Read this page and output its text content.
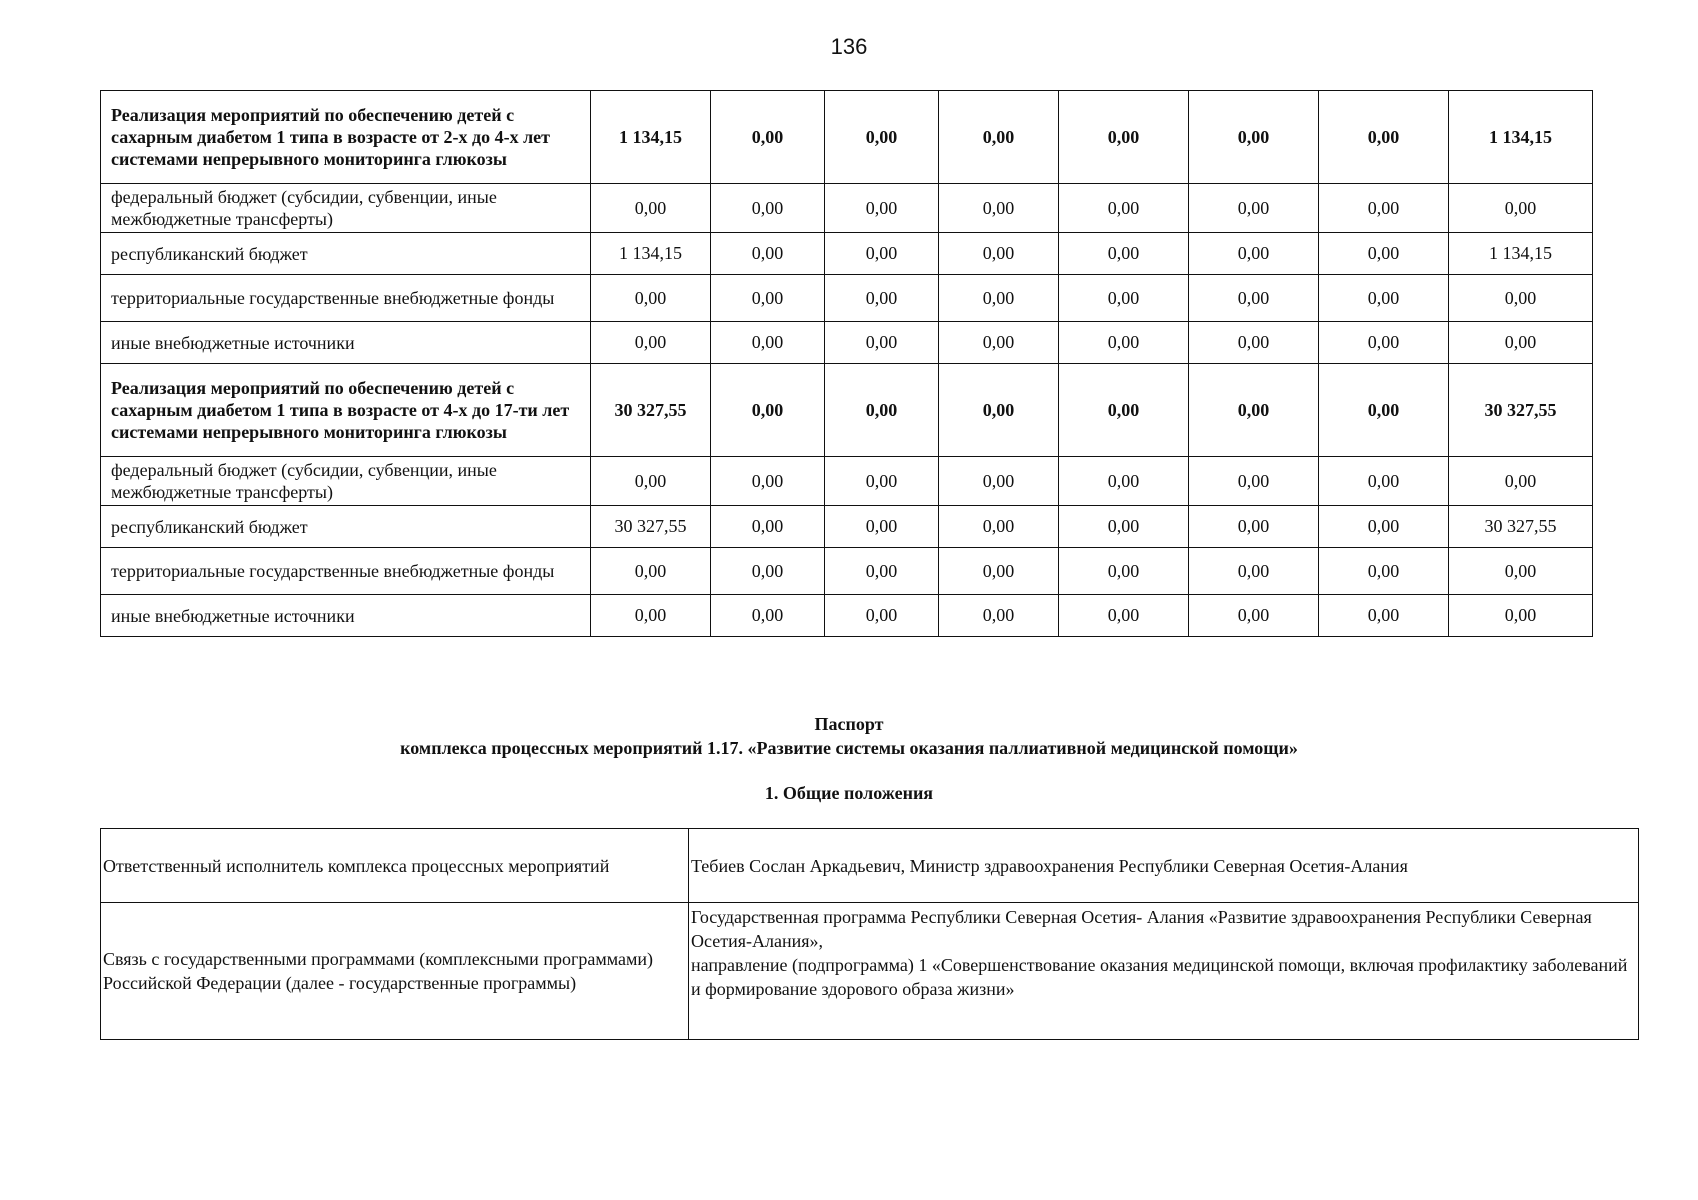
136
Реализация мероприятий по обеспечению детей с сахарным диабетом 1 типа в возрасте от 2-х до 4-х лет системами непрерывного мониторинга глюкозы	1 134,15	0,00	0,00	0,00	0,00	0,00	0,00	1 134,15
федеральный бюджет (субсидии, субвенции, иные межбюджетные трансферты)	0,00	0,00	0,00	0,00	0,00	0,00	0,00	0,00
республиканский бюджет	1 134,15	0,00	0,00	0,00	0,00	0,00	0,00	1 134,15
территориальные государственные внебюджетные фонды	0,00	0,00	0,00	0,00	0,00	0,00	0,00	0,00
иные внебюджетные источники	0,00	0,00	0,00	0,00	0,00	0,00	0,00	0,00
Реализация мероприятий по обеспечению детей с сахарным диабетом 1 типа в возрасте от 4-х до 17-ти лет системами непрерывного мониторинга глюкозы	30 327,55	0,00	0,00	0,00	0,00	0,00	0,00	30 327,55
федеральный бюджет (субсидии, субвенции, иные межбюджетные трансферты)	0,00	0,00	0,00	0,00	0,00	0,00	0,00	0,00
республиканский бюджет	30 327,55	0,00	0,00	0,00	0,00	0,00	0,00	30 327,55
территориальные государственные внебюджетные фонды	0,00	0,00	0,00	0,00	0,00	0,00	0,00	0,00
иные внебюджетные источники	0,00	0,00	0,00	0,00	0,00	0,00	0,00	0,00
Паспорт
комплекса процессных мероприятий 1.17. «Развитие системы оказания паллиативной медицинской помощи»
1. Общие положения
Ответственный исполнитель комплекса процессных мероприятий	Тебиев Сослан Аркадьевич, Министр здравоохранения Республики Северная Осетия-Алания
Связь с государственными программами (комплексными программами) Российской Федерации (далее - государственные программы)	Государственная программа Республики Северная Осетия- Алания «Развитие здравоохранения Республики Северная Осетия-Алания»,
направление (подпрограмма) 1 «Совершенствование оказания медицинской помощи, включая профилактику заболеваний и формирование здорового образа жизни»
